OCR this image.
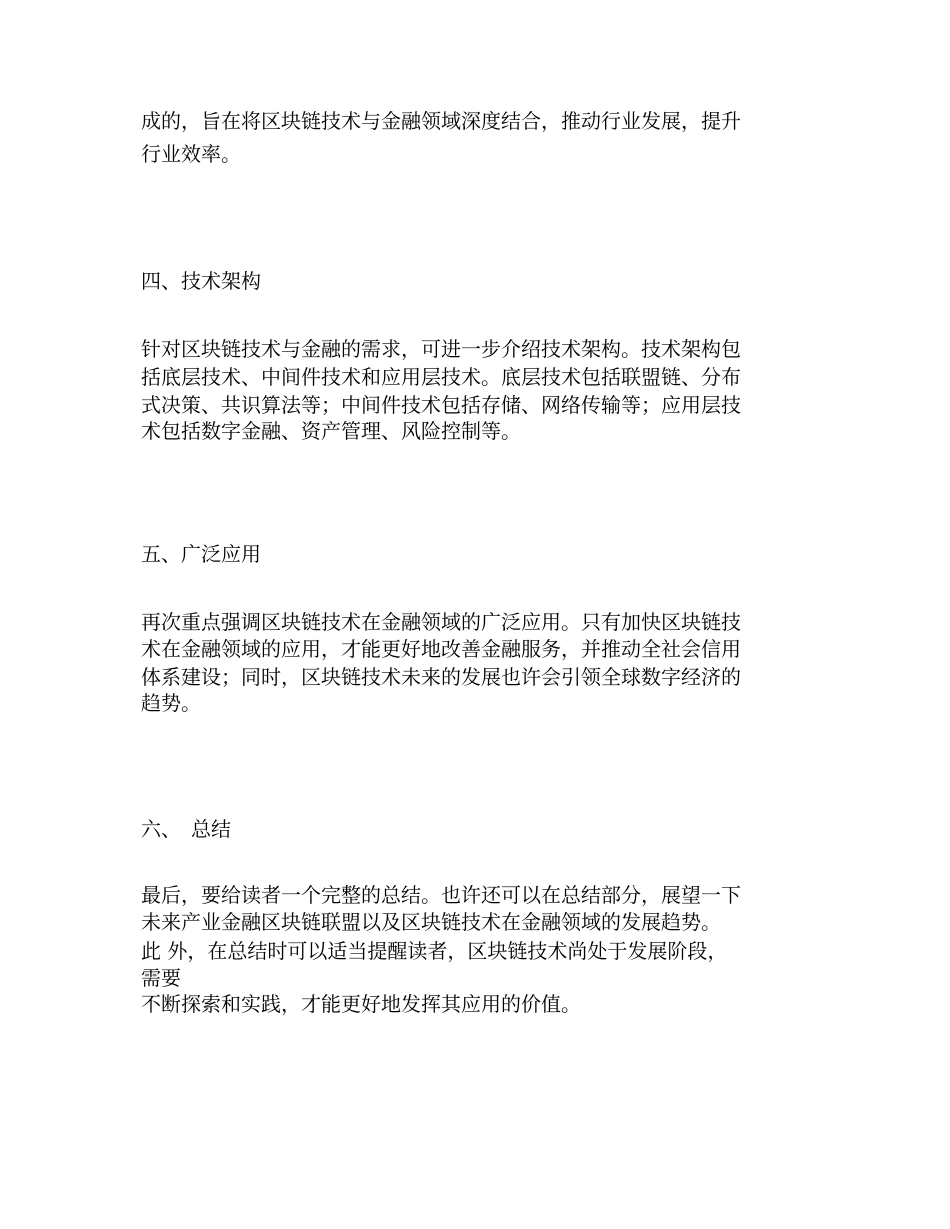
成的，旨在将区块链技术与金融领域深度结合，推动行业发展，提升
行业效率。
四、技术架构
针对区块链技术与金融的需求，可进一步介绍技术架构。技术架构包
括底层技术、中间件技术和应用层技术。底层技术包括联盟链、分布
式决策、共识算法等；中间件技术包括存储、网络传输等；应用层技
术包括数字金融、资产管理、风险控制等。
五、广泛应用
再次重点强调区块链技术在金融领域的广泛应用。只有加快区块链技
术在金融领域的应用，才能更好地改善金融服务，并推动全社会信用
体系建设；同时，区块链技术未来的发展也许会引领全球数字经济的
趋势。
六、　总结
最后，要给读者一个完整的总结。也许还可以在总结部分，展望一下
未来产业金融区块链联盟以及区块链技术在金融领域的发展趋势。
此 外，在总结时可以适当提醒读者，区块链技术尚处于发展阶段，
需要
不断探索和实践，才能更好地发挥其应用的价值。
